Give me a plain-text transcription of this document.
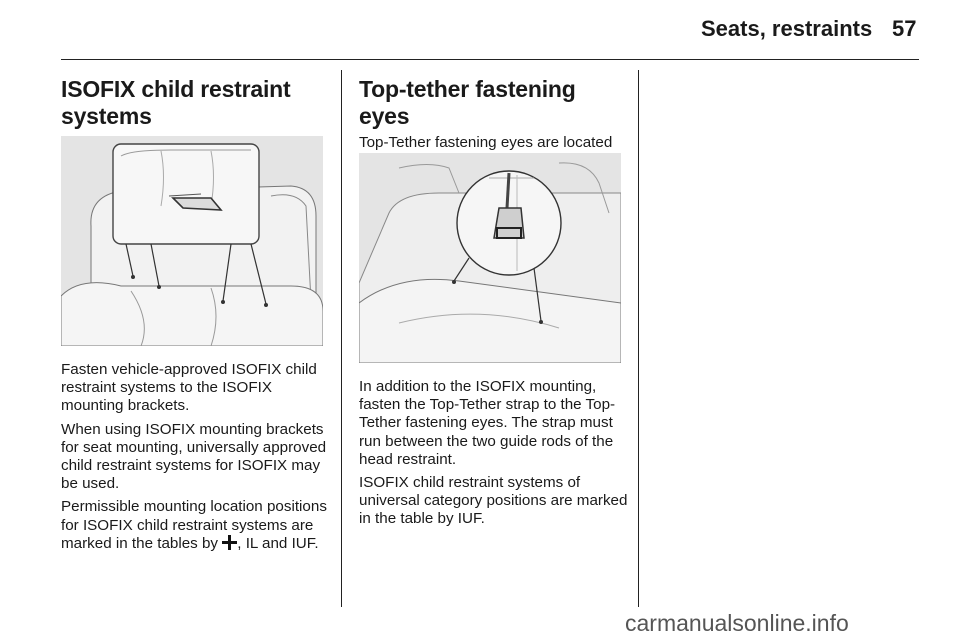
Seats, restraints 57
ISOFIX child restraint systems

Fasten vehicle-approved ISOFIX child restraint systems to the ISOFIX mounting brackets.

When using ISOFIX mounting brackets for seat mounting, universally approved child restraint systems for ISOFIX may be used.

Permissible mounting location positions for ISOFIX child restraint systems are marked in the tables by , IL and IUF.

Top-tether fastening eyes

Top-Tether fastening eyes are located

In addition to the ISOFIX mounting, fasten the Top-Tether strap to the Top-Tether fastening eyes. The strap must run between the two guide rods of the head restraint.

ISOFIX child restraint systems of universal category positions are marked in the table by IUF.

carmanualsonline.info
